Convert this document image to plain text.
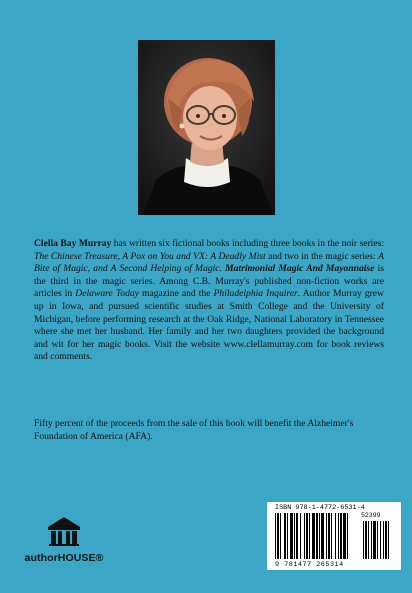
Clella Bay Murray has written six fictional books including three books in the noir series: The Chinese Treasure, A Pox on You and VX: A Deadly Mist and two in the magic series: A Bite of Magic, and A Second Helping of Magic. Matrimonial Magic And Mayonnaise is the third in the magic series. Among C.B. Murray's published non-fiction works are articles in Delaware Today magazine and the Philadelphia Inquirer. Author Murray grew up in Iowa, and pursued scientific studies at Smith College and the University of Michigan, before performing research at the Oak Ridge, National Laboratory in Tennessee where she met her husband. Her family and her two daughters provided the background and wit for her magic books. Visit the website www.clellamurray.com for book reviews and comments.

Fifty percent of the proceeds from the sale of this book will benefit the Alzheimer's Foundation of America (AFA).

authorHOUSE®
ISBN 978-1-4772-6531-4
52399
9 781477 265314
